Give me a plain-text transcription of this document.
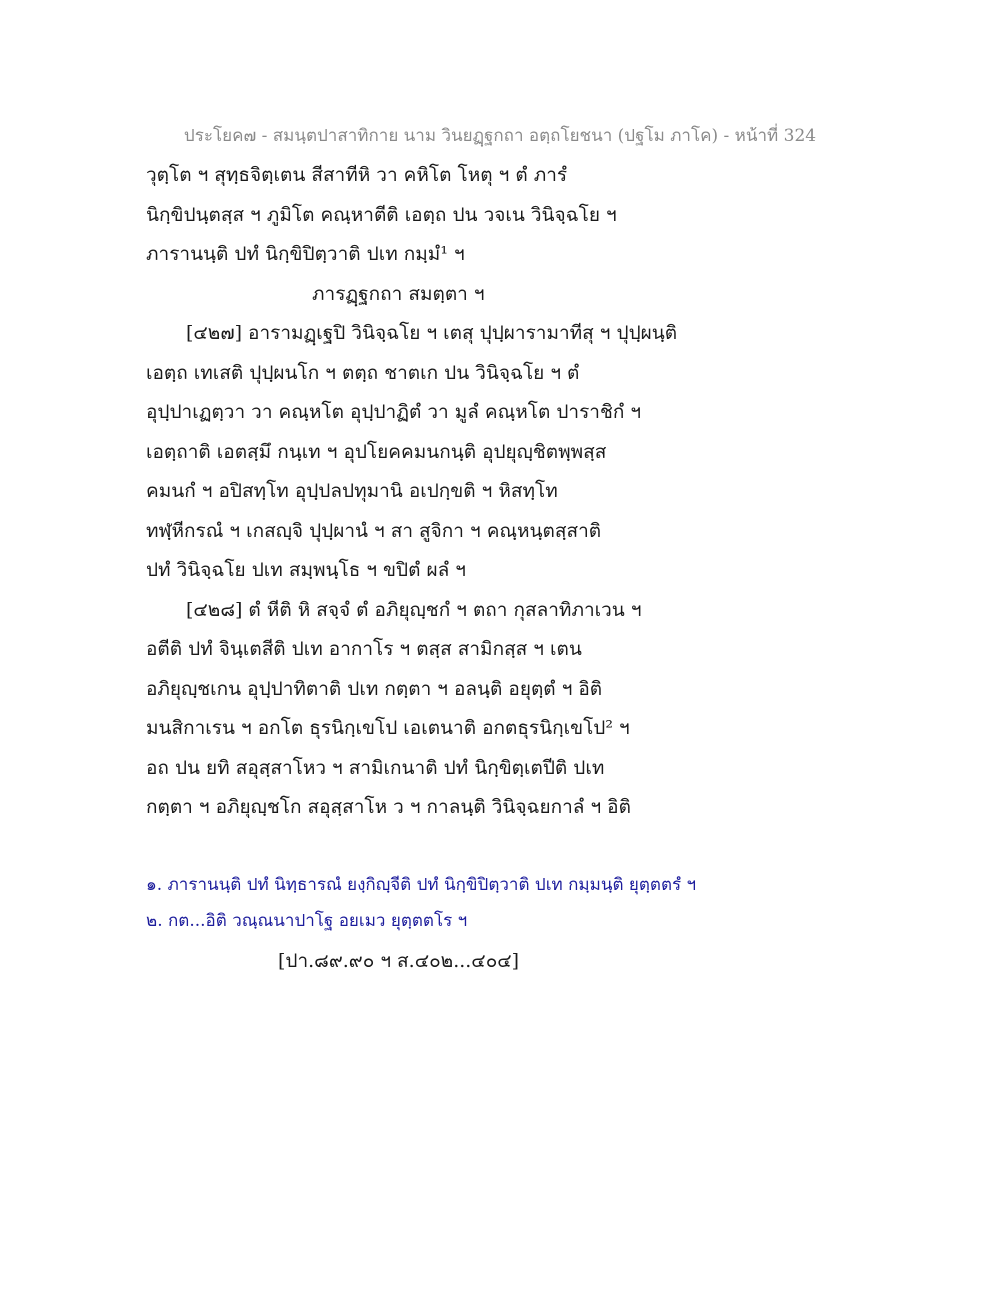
ประโยค๗ - สมนฺตปาสาทิกาย นาม วินยฏฺฐกถา อตฺถโยชนา (ปฐโม ภาโค) - หน้าที่ 324
วุตฺโต ฯ สุทฺธจิตฺเตน สีสาทีหิ วา คหิโต โหตุ ฯ ตํ ภารํ
นิกฺขิปนฺตสฺส ฯ ภูมิโต คณฺหาตีติ เอตฺถ ปน วจเน วินิจฺฉโย ฯ
ภารานนฺติ ปทํ นิกฺขิปิตฺวาติ ปเท กมฺมํ¹ ฯ
ภารฏฺฐกถา สมตฺตา ฯ
[๔๒๗] อารามฏฺเฐปิ วินิจฺฉโย ฯ เตสุ ปุปฺผารามาทีสุ ฯ ปุปฺผนฺติ
เอตฺถ เทเสติ ปุปฺผนโก ฯ ตตฺถ ชาตเก ปน วินิจฺฉโย ฯ ตํ
อุปฺปาเฏตฺวา วา คณฺหโต อุปฺปาฏิตํ วา มูลํ คณฺหโต ปาราชิกํ ฯ
เอตฺถาติ เอตสฺมึ กนฺเท ฯ อุปโยคคมนกนฺติ อุปยุญฺชิตพฺพสฺส
คมนกํ ฯ อปิสทฺโท อุปฺปลปทุมานิ อเปกฺขติ ฯ หิสทฺโท
ทฬฺหีกรณํ ฯ เกสญฺจิ ปุปฺผานํ ฯ สา สูจิกา ฯ คณฺหนฺตสฺสาติ
ปทํ วินิจฺฉโย ปเท สมฺพนฺโธ ฯ ขปิตํ ผลํ ฯ
[๔๒๘] ตํ หีติ หิ สจฺจํ ตํ อภิยุญฺชกํ ฯ ตถา กุสลาทิภาเวน ฯ
อตีติ ปทํ จินฺเตสีติ ปเท อากาโร ฯ ตสฺส สามิกสฺส ฯ เตน
อภิยุญฺชเกน อุปฺปาทิตาติ ปเท กตฺตา ฯ อลนฺติ อยุตฺตํ ฯ อิติ
มนสิกาเรน ฯ อกโต ธุรนิกฺเขโป เอเตนาติ อกตธุรนิกฺเขโป² ฯ
อถ ปน ยทิ สอุสฺสาโหว ฯ สามิเกนาติ ปทํ นิกฺขิตฺเตปีติ ปเท
กตฺตา ฯ อภิยุญฺชโก สอุสฺสาโห ว ฯ กาลนฺติ วินิจฺฉยกาลํ ฯ อิติ
๑. ภารานนฺติ ปทํ นิทฺธารณํ ยงฺกิญฺจีติ ปทํ นิกฺขิปิตฺวาติ ปเท กมฺมนฺติ ยุตฺตตรํ ฯ
๒. กต...อิติ วณฺณนาปาโฐ อยเมว ยุตฺตตโร ฯ
[ปา.๘๙.๙๐ ฯ ส.๔๐๒...๔๐๔]
